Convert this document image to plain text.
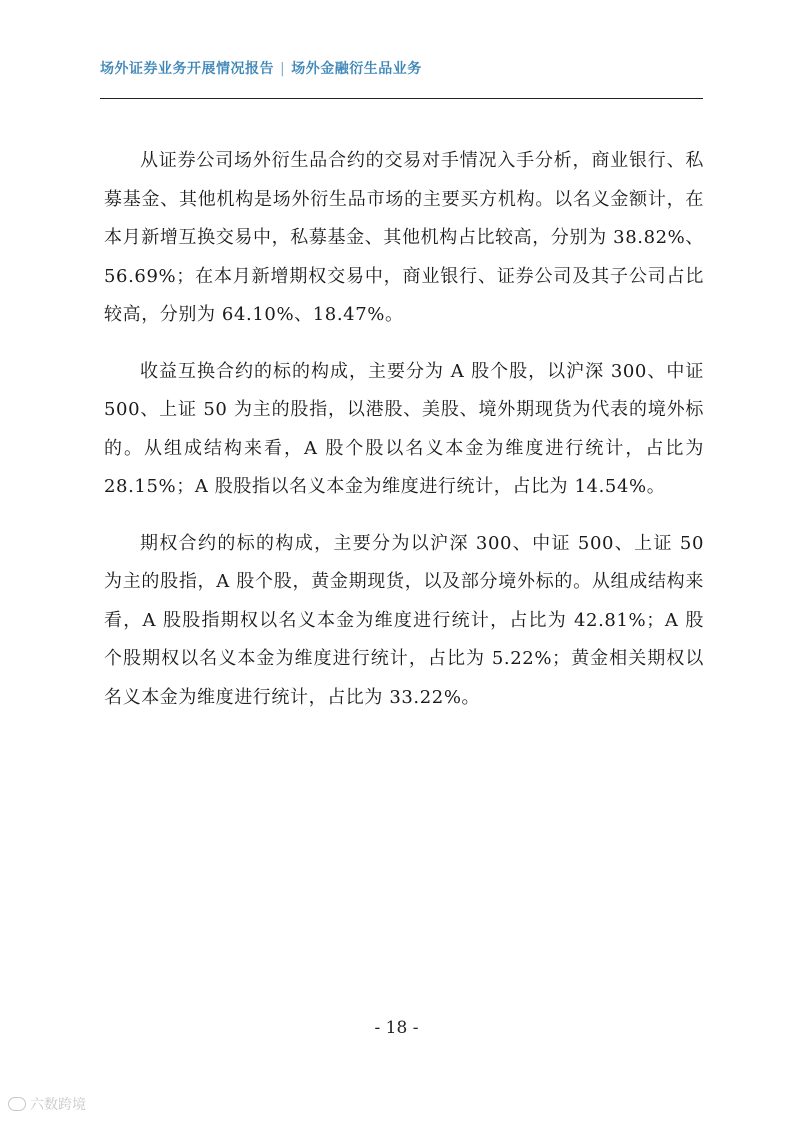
场外证券业务开展情况报告 | 场外金融衍生品业务

从证券公司场外衍生品合约的交易对手情况入手分析，商业银行、私募基金、其他机构是场外衍生品市场的主要买方机构。以名义金额计，在本月新增互换交易中，私募基金、其他机构占比较高，分别为 38.82%、56.69%；在本月新增期权交易中，商业银行、证券公司及其子公司占比较高，分别为 64.10%、18.47%。

收益互换合约的标的构成，主要分为 A 股个股，以沪深 300、中证 500、上证 50 为主的股指，以港股、美股、境外期现货为代表的境外标的。从组成结构来看，A 股个股以名义本金为维度进行统计，占比为 28.15%；A 股股指以名义本金为维度进行统计，占比为 14.54%。

期权合约的标的构成，主要分为以沪深 300、中证 500、上证 50 为主的股指，A 股个股，黄金期现货，以及部分境外标的。从组成结构来看，A 股股指期权以名义本金为维度进行统计，占比为 42.81%；A 股个股期权以名义本金为维度进行统计，占比为 5.22%；黄金相关期权以名义本金为维度进行统计，占比为 33.22%。

- 18 -
六数跨境
